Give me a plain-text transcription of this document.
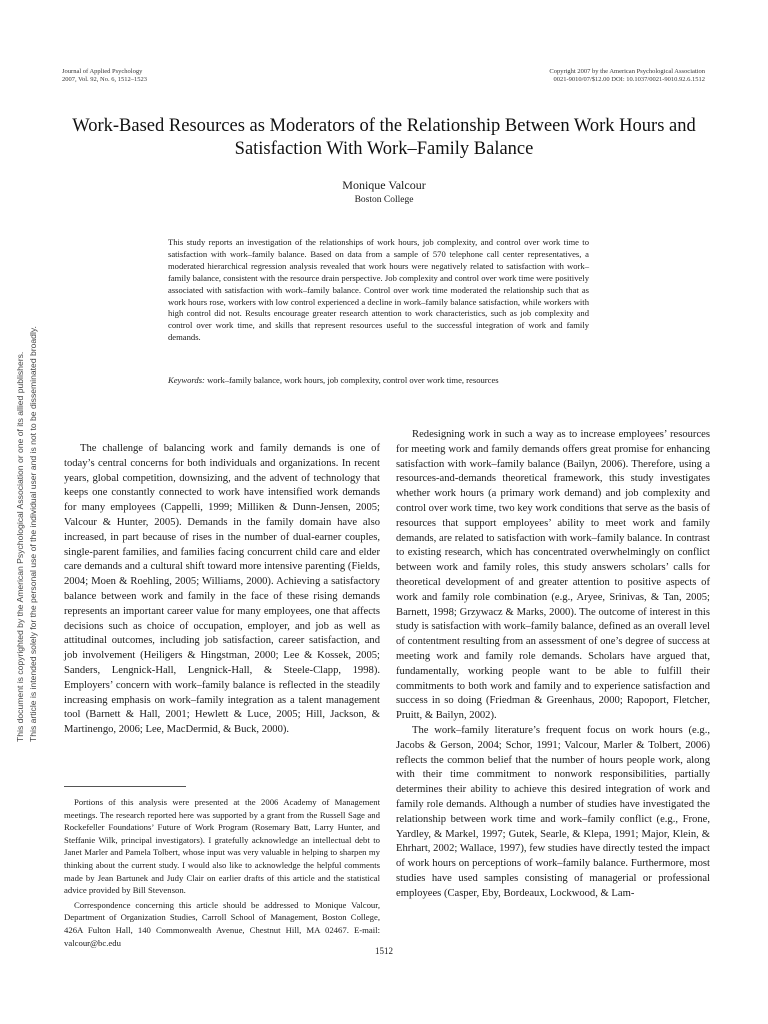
Journal of Applied Psychology
2007, Vol. 92, No. 6, 1512–1523
Copyright 2007 by the American Psychological Association
0021-9010/07/$12.00 DOI: 10.1037/0021-9010.92.6.1512
Work-Based Resources as Moderators of the Relationship Between Work Hours and Satisfaction With Work–Family Balance
Monique Valcour
Boston College
This study reports an investigation of the relationships of work hours, job complexity, and control over work time to satisfaction with work–family balance. Based on data from a sample of 570 telephone call center representatives, a moderated hierarchical regression analysis revealed that work hours were negatively related to satisfaction with work–family balance, consistent with the resource drain perspective. Job complexity and control over work time were positively associated with satisfaction with work–family balance. Control over work time moderated the relationship such that as work hours rose, workers with low control experienced a decline in work–family balance satisfaction, while workers with high control did not. Results encourage greater research attention to work characteristics, such as job complexity and control over work time, and skills that represent resources useful to the successful integration of work and family demands.
Keywords: work–family balance, work hours, job complexity, control over work time, resources
This document is copyrighted by the American Psychological Association or one of its allied publishers. This article is intended solely for the personal use of the individual user and is not to be disseminated broadly.	The challenge of balancing work and family demands is one of today’s central concerns for both individuals and organizations. In recent years, global competition, downsizing, and the advent of technology that keeps one constantly connected to work have intensified work demands for many employees (Cappelli, 1999; Milliken & Dunn-Jensen, 2005; Valcour & Hunter, 2005). Demands in the family domain have also increased, in part because of rises in the number of dual-earner couples, single-parent families, and families facing concurrent child care and elder care demands and a cultural shift toward more intensive parenting (Fields, 2004; Moen & Roehling, 2005; Williams, 2000). Achieving a satisfactory balance between work and family in the face of these rising demands represents an important career value for many employees, one that affects decisions such as choice of occupation, employer, and job as well as attitudinal outcomes, including job satisfaction, career satisfaction, and job involvement (Heiligers & Hingstman, 2000; Lee & Kossek, 2005; Sanders, Lengnick-Hall, Lengnick-Hall, & Steele-Clapp, 1998). Employers’ concern with work–family balance is reflected in the steadily increasing emphasis on work–family integration as a talent management tool (Barnett & Hall, 2001; Hewlett & Luce, 2005; Hill, Jackson, & Martinengo, 2006; Lee, MacDermid, & Buck, 2000).

Redesigning work in such a way as to increase employees’ resources for meeting work and family demands offers great promise for enhancing satisfaction with work–family balance (Bailyn, 2006). Therefore, using a resources-and-demands theoretical framework, this study investigates whether work hours (a primary work demand) and job complexity and control over work time, two key work conditions that serve as the basis of resources that support employees’ ability to meet work and family demands, are related to satisfaction with work–family balance. In contrast to existing research, which has concentrated overwhelmingly on conflict between work and family roles, this study answers scholars’ calls for theoretical development of and greater attention to positive aspects of work and family role combination (e.g., Aryee, Srinivas, & Tan, 2005; Barnett, 1998; Grzywacz & Marks, 2000). The outcome of interest in this study is satisfaction with work–family balance, defined as an overall level of contentment resulting from an assessment of one’s degree of success at meeting work and family role demands. Scholars have argued that, fundamentally, working people want to be able to fulfill their commitments to both work and family and to experience satisfaction and success in so doing (Friedman & Greenhaus, 2000; Rapoport, Fletcher, Pruitt, & Bailyn, 2002).

The work–family literature’s frequent focus on work hours (e.g., Jacobs & Gerson, 2004; Schor, 1991; Valcour, Marler & Tolbert, 2006) reflects the common belief that the number of hours people work, along with their time commitment to nonwork responsibilities, partially determines their ability to achieve this desired integration of work and family role demands. Although a number of studies have investigated the relationship between work time and work–family conflict (e.g., Frone, Yardley, & Markel, 1997; Gutek, Searle, & Klepa, 1991; Major, Klein, & Ehrhart, 2002; Wallace, 1997), few studies have directly tested the impact of work hours on perceptions of work–family balance. Furthermore, most studies have used samples consisting of managerial or professional employees (Casper, Eby, Bordeaux, Lockwood, & Lam-

Portions of this analysis were presented at the 2006 Academy of Management meetings. The research reported here was supported by a grant from the Russell Sage and Rockefeller Foundations’ Future of Work Program (Rosemary Batt, Larry Hunter, and Steffanie Wilk, principal investigators). I gratefully acknowledge an intellectual debt to Janet Marler and Pamela Tolbert, whose input was very valuable in helping to sharpen my thinking about the current study. I would also like to acknowledge the helpful comments made by Jean Bartunek and Judy Clair on earlier drafts of this article and the statistical advice provided by Bill Stevenson.

Correspondence concerning this article should be addressed to Monique Valcour, Department of Organization Studies, Carroll School of Management, Boston College, 426A Fulton Hall, 140 Commonwealth Avenue, Chestnut Hill, MA 02467. E-mail: valcour@bc.edu

1512
